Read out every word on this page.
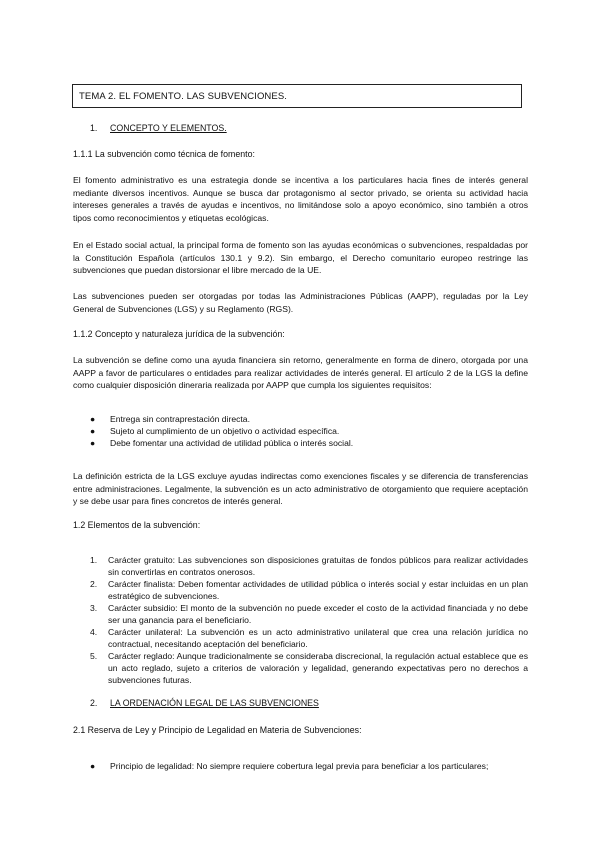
TEMA 2. EL FOMENTO. LAS SUBVENCIONES.
1. CONCEPTO Y ELEMENTOS.
1.1.1 La subvención como técnica de fomento:
El fomento administrativo es una estrategia donde se incentiva a los particulares hacia fines de interés general mediante diversos incentivos. Aunque se busca dar protagonismo al sector privado, se orienta su actividad hacia intereses generales a través de ayudas e incentivos, no limitándose solo a apoyo económico, sino también a otros tipos como reconocimientos y etiquetas ecológicas.
En el Estado social actual, la principal forma de fomento son las ayudas económicas o subvenciones, respaldadas por la Constitución Española (artículos 130.1 y 9.2). Sin embargo, el Derecho comunitario europeo restringe las subvenciones que puedan distorsionar el libre mercado de la UE.
Las subvenciones pueden ser otorgadas por todas las Administraciones Públicas (AAPP), reguladas por la Ley General de Subvenciones (LGS) y su Reglamento (RGS).
1.1.2 Concepto y naturaleza jurídica de la subvención:
La subvención se define como una ayuda financiera sin retorno, generalmente en forma de dinero, otorgada por una AAPP a favor de particulares o entidades para realizar actividades de interés general. El artículo 2 de la LGS la define como cualquier disposición dineraria realizada por AAPP que cumpla los siguientes requisitos:
● Entrega sin contraprestación directa.
● Sujeto al cumplimiento de un objetivo o actividad específica.
● Debe fomentar una actividad de utilidad pública o interés social.
La definición estricta de la LGS excluye ayudas indirectas como exenciones fiscales y se diferencia de transferencias entre administraciones. Legalmente, la subvención es un acto administrativo de otorgamiento que requiere aceptación y se debe usar para fines concretos de interés general.
1.2 Elementos de la subvención:
1. Carácter gratuito: Las subvenciones son disposiciones gratuitas de fondos públicos para realizar actividades sin convertirlas en contratos onerosos.
2. Carácter finalista: Deben fomentar actividades de utilidad pública o interés social y estar incluidas en un plan estratégico de subvenciones.
3. Carácter subsidio: El monto de la subvención no puede exceder el costo de la actividad financiada y no debe ser una ganancia para el beneficiario.
4. Carácter unilateral: La subvención es un acto administrativo unilateral que crea una relación jurídica no contractual, necesitando aceptación del beneficiario.
5. Carácter reglado: Aunque tradicionalmente se consideraba discrecional, la regulación actual establece que es un acto reglado, sujeto a criterios de valoración y legalidad, generando expectativas pero no derechos a subvenciones futuras.
2. LA ORDENACIÓN LEGAL DE LAS SUBVENCIONES
2.1 Reserva de Ley y Principio de Legalidad en Materia de Subvenciones:
● Principio de legalidad: No siempre requiere cobertura legal previa para beneficiar a los particulares;
